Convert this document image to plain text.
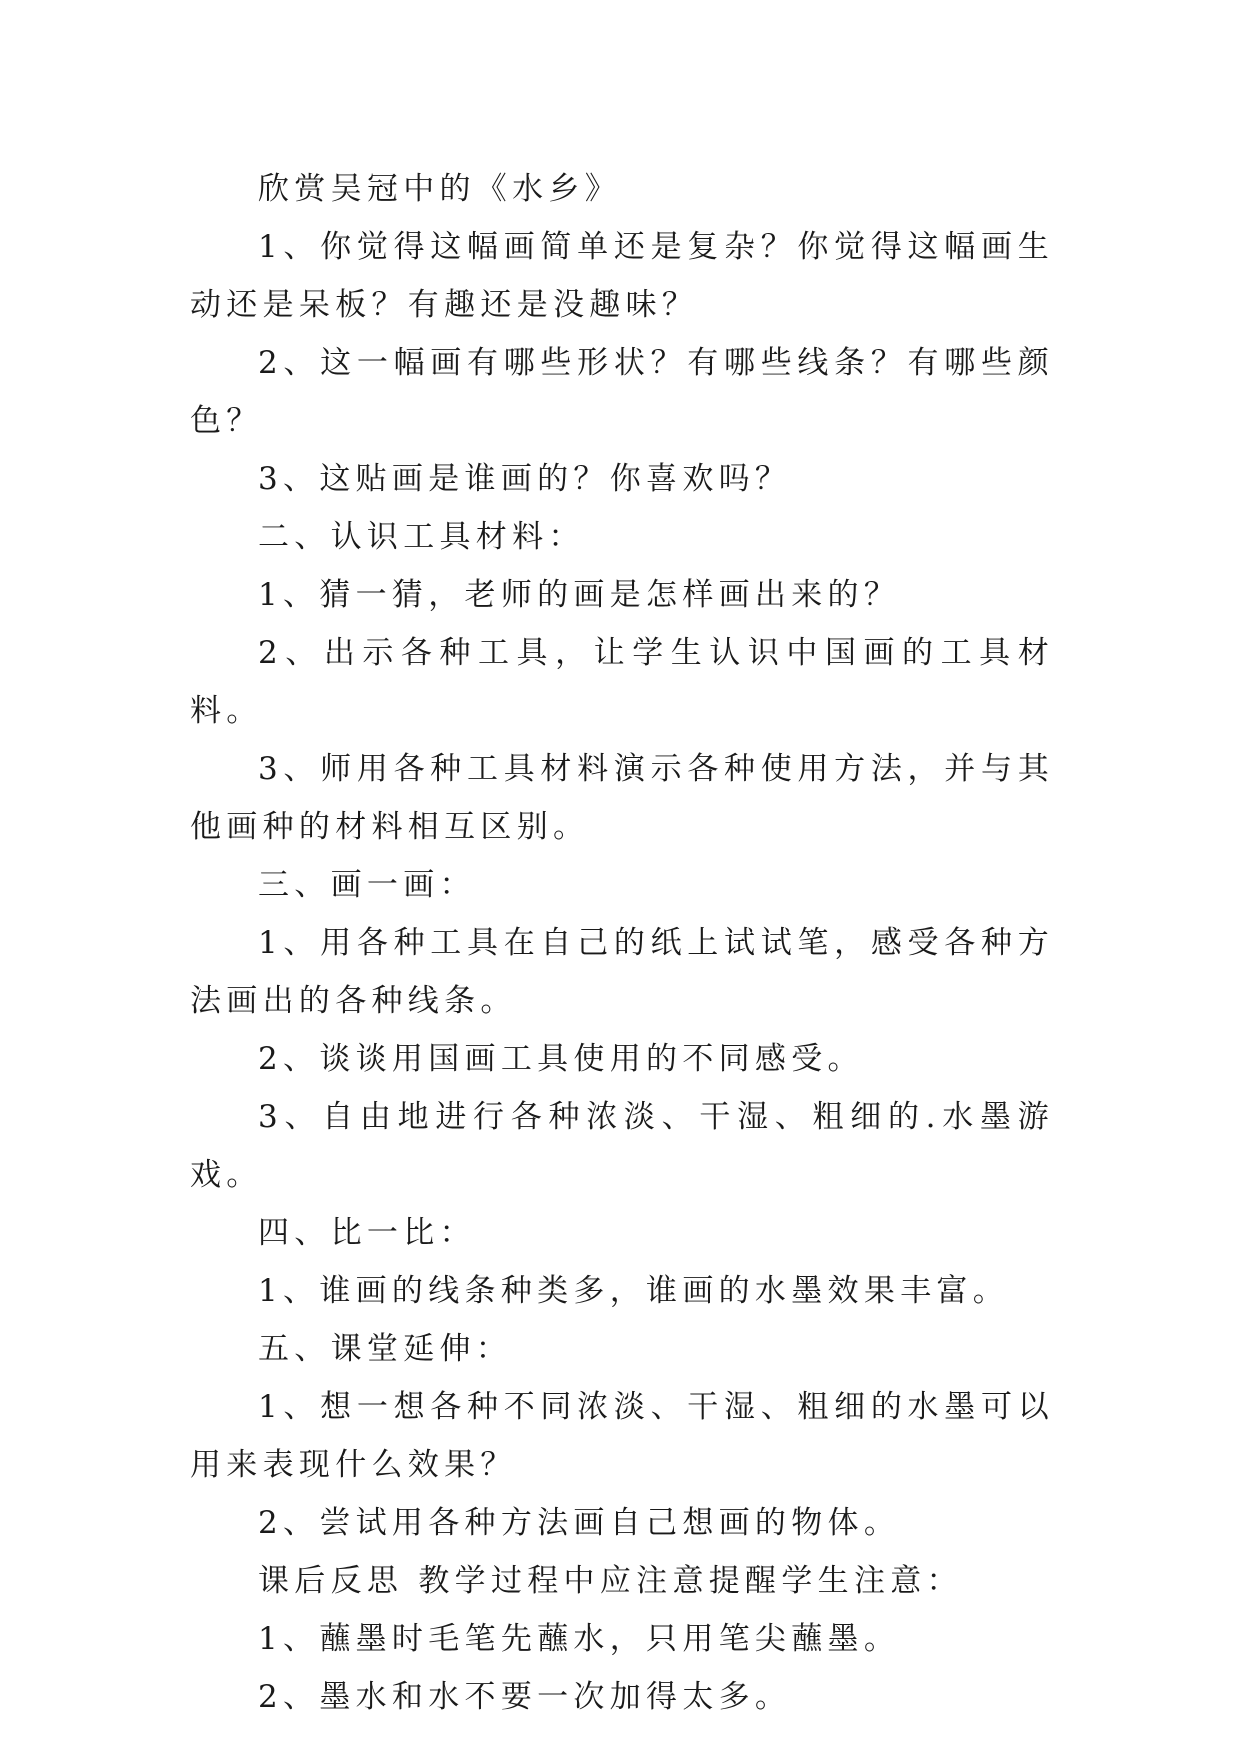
欣赏吴冠中的《水乡》

1、你觉得这幅画简单还是复杂？你觉得这幅画生动还是呆板？有趣还是没趣味？

2、这一幅画有哪些形状？有哪些线条？有哪些颜色？

3、这贴画是谁画的？你喜欢吗？

二、认识工具材料：

1、猜一猜，老师的画是怎样画出来的？

2、出示各种工具，让学生认识中国画的工具材料。

3、师用各种工具材料演示各种使用方法，并与其他画种的材料相互区别。

三、画一画：

1、用各种工具在自己的纸上试试笔，感受各种方法画出的各种线条。

2、谈谈用国画工具使用的不同感受。

3、自由地进行各种浓淡、干湿、粗细的.水墨游戏。

四、比一比：

1、谁画的线条种类多，谁画的水墨效果丰富。

五、课堂延伸：

1、想一想各种不同浓淡、干湿、粗细的水墨可以用来表现什么效果？

2、尝试用各种方法画自己想画的物体。

课后反思 教学过程中应注意提醒学生注意：

1、蘸墨时毛笔先蘸水，只用笔尖蘸墨。

2、墨水和水不要一次加得太多。
